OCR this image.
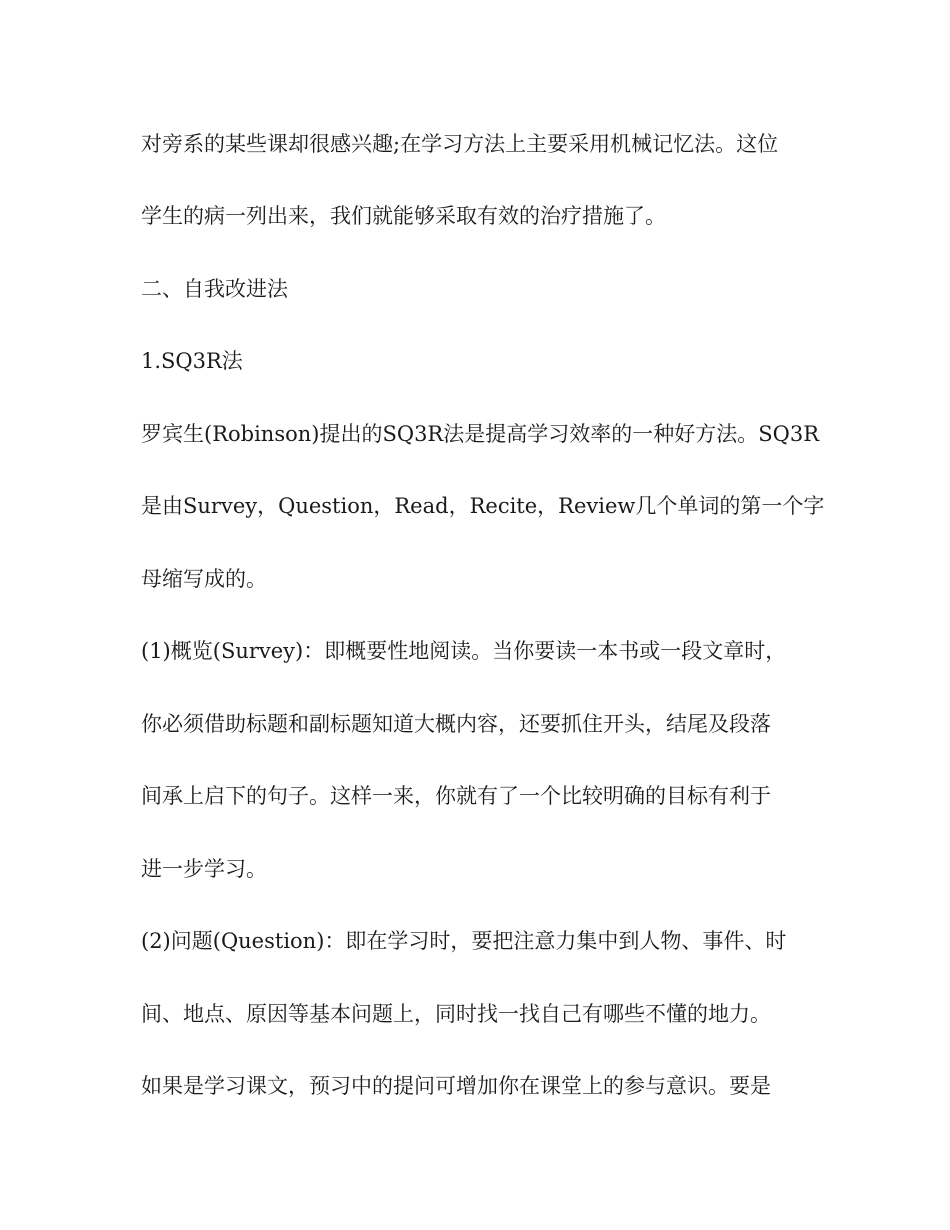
对旁系的某些课却很感兴趣;在学习方法上主要采用机械记忆法。这位
学生的病一列出来，我们就能够采取有效的治疗措施了。
二、自我改进法
1.SQ3R法
罗宾生(Robinson)提出的SQ3R法是提高学习效率的一种好方法。SQ3R
是由Survey，Question，Read，Recite，Review几个单词的第一个字
母缩写成的。
(1)概览(Survey)：即概要性地阅读。当你要读一本书或一段文章时，
你必须借助标题和副标题知道大概内容，还要抓住开头，结尾及段落
间承上启下的句子。这样一来，你就有了一个比较明确的目标有利于
进一步学习。
(2)问题(Question)：即在学习时，要把注意力集中到人物、事件、时
间、地点、原因等基本问题上，同时找一找自己有哪些不懂的地力。
如果是学习课文，预习中的提问可增加你在课堂上的参与意识。要是
